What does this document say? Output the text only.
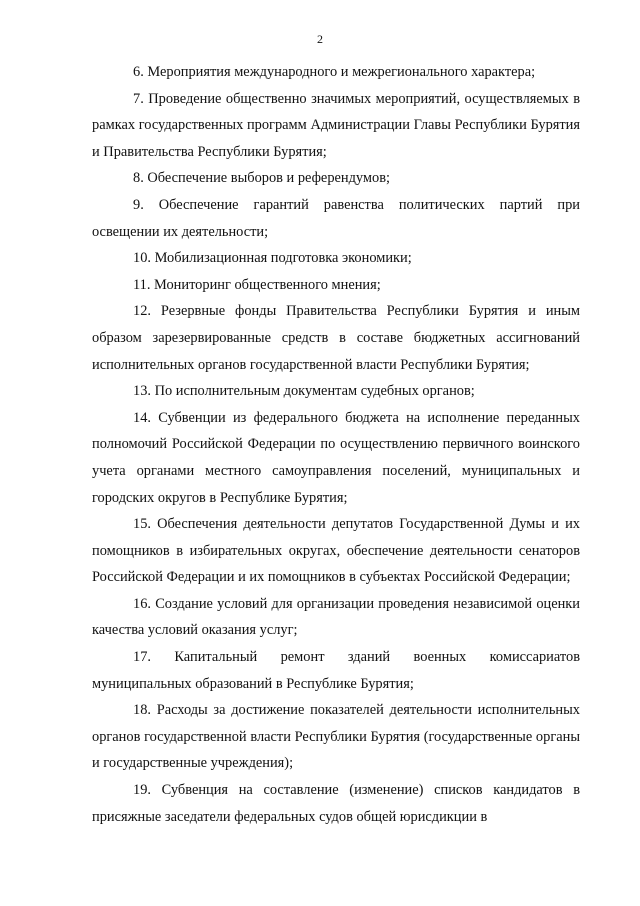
2

6. Мероприятия международного и межрегионального характера;

7. Проведение общественно значимых мероприятий, осуществляемых в рамках государственных программ Администрации Главы Республики Бурятия и Правительства Республики Бурятия;

8. Обеспечение выборов и референдумов;

9. Обеспечение гарантий равенства политических партий при освещении их деятельности;

10. Мобилизационная подготовка экономики;

11. Мониторинг общественного мнения;

12. Резервные фонды Правительства Республики Бурятия и иным образом зарезервированные средств в составе бюджетных ассигнований исполнительных органов государственной власти Республики Бурятия;

13. По исполнительным документам судебных органов;

14. Субвенции из федерального бюджета на исполнение переданных полномочий Российской Федерации по осуществлению первичного воинского учета органами местного самоуправления поселений, муниципальных и городских округов в Республике Бурятия;

15. Обеспечения деятельности депутатов Государственной Думы и их помощников в избирательных округах, обеспечение деятельности сенаторов Российской Федерации и их помощников в субъектах Российской Федерации;

16. Создание условий для организации проведения независимой оценки качества условий оказания услуг;

17. Капитальный ремонт зданий военных комиссариатов муниципальных образований в Республике Бурятия;

18. Расходы за достижение показателей деятельности исполнительных органов государственной власти Республики Бурятия (государственные органы и государственные учреждения);

19. Субвенция на составление (изменение) списков кандидатов в присяжные заседатели федеральных судов общей юрисдикции в
